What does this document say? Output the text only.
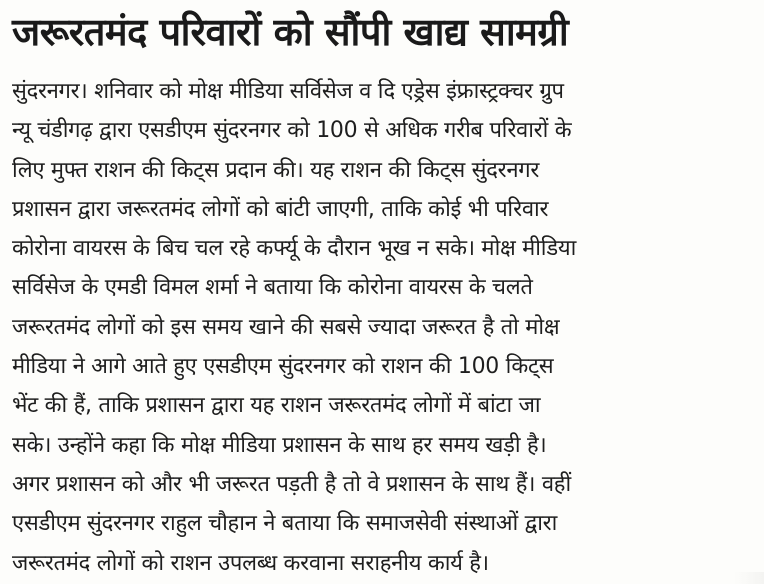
जरूरतमंद परिवारों को सौंपी खाद्य सामग्री
सुंदरनगर। शनिवार को मोक्ष मीडिया सर्विसेज व दि एड्रेस इंफ्रास्ट्रक्चर ग्रुप
न्यू चंडीगढ़ द्वारा एसडीएम सुंदरनगर को 100 से अधिक गरीब परिवारों के
लिए मुफ्त राशन की किट्स प्रदान की। यह राशन की किट्स सुंदरनगर
प्रशासन द्वारा जरूरतमंद लोगों को बांटी जाएगी, ताकि कोई भी परिवार
कोरोना वायरस के बिच चल रहे कर्फ्यू के दौरान भूख न सके। मोक्ष मीडिया
सर्विसेज के एमडी विमल शर्मा ने बताया कि कोरोना वायरस के चलते
जरूरतमंद लोगों को इस समय खाने की सबसे ज्यादा जरूरत है तो मोक्ष
मीडिया ने आगे आते हुए एसडीएम सुंदरनगर को राशन की 100 किट्स
भेंट की हैं, ताकि प्रशासन द्वारा यह राशन जरूरतमंद लोगों में बांटा जा
सके। उन्होंने कहा कि मोक्ष मीडिया प्रशासन के साथ हर समय खड़ी है।
अगर प्रशासन को और भी जरूरत पड़ती है तो वे प्रशासन के साथ हैं। वहीं
एसडीएम सुंदरनगर राहुल चौहान ने बताया कि समाजसेवी संस्थाओं द्वारा
जरूरतमंद लोगों को राशन उपलब्ध करवाना सराहनीय कार्य है।
